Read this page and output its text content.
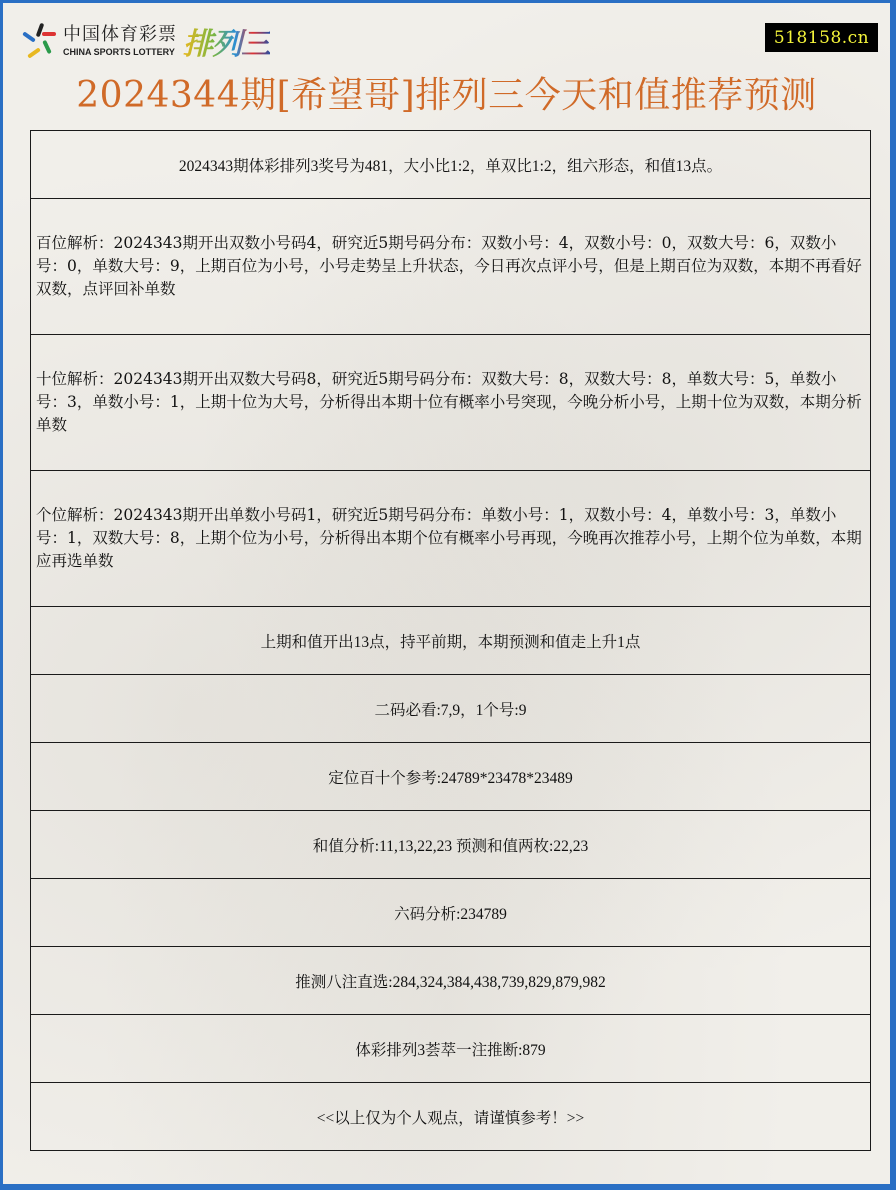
中国体育彩票
CHINA SPORTS LOTTERY 排列三	518158.cn
2024344期[希望哥]排列三今天和值推荐预测
2024343期体彩排列3奖号为481，大小比1:2，单双比1:2，组六形态，和值13点。
百位解析：2024343期开出双数小号码4，研究近5期号码分布：双数小号：4，双数小号：0，双数大号：6，双数小号：0，单数大号：9，上期百位为小号，小号走势呈上升状态，今日再次点评小号，但是上期百位为双数，本期不再看好双数，点评回补单数
十位解析：2024343期开出双数大号码8，研究近5期号码分布：双数大号：8，双数大号：8，单数大号：5，单数小号：3，单数小号：1，上期十位为大号，分析得出本期十位有概率小号突现，今晚分析小号，上期十位为双数，本期分析单数
个位解析：2024343期开出单数小号码1，研究近5期号码分布：单数小号：1，双数小号：4，单数小号：3，单数小号：1，双数大号：8，上期个位为小号，分析得出本期个位有概率小号再现，今晚再次推荐小号，上期个位为单数，本期应再选单数
上期和值开出13点，持平前期，本期预测和值走上升1点
二码必看:7,9，1个号:9
定位百十个参考:24789*23478*23489
和值分析:11,13,22,23 预测和值两枚:22,23
六码分析:234789
推测八注直选:284,324,384,438,739,829,879,982
体彩排列3荟萃一注推断:879
<<以上仅为个人观点，请谨慎参考！>>
